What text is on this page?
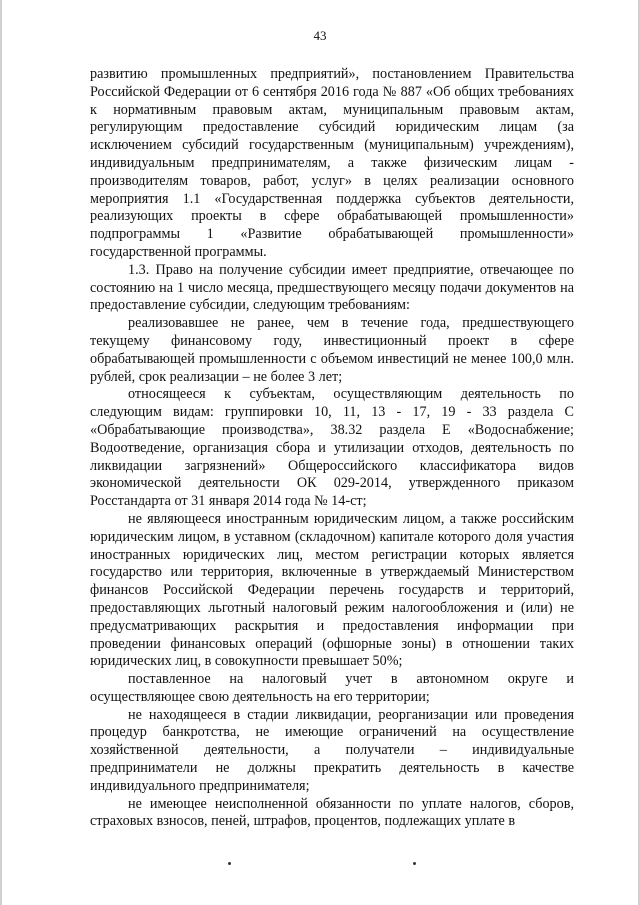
43

развитию промышленных предприятий», постановлением Правительства Российской Федерации от 6 сентября 2016 года № 887 «Об общих требованиях к нормативным правовым актам, муниципальным правовым актам, регулирующим предоставление субсидий юридическим лицам (за исключением субсидий государственным (муниципальным) учреждениям), индивидуальным предпринимателям, а также физическим лицам - производителям товаров, работ, услуг» в целях реализации основного мероприятия 1.1 «Государственная поддержка субъектов деятельности, реализующих проекты в сфере обрабатывающей промышленности» подпрограммы 1 «Развитие обрабатывающей промышленности» государственной программы.

1.3. Право на получение субсидии имеет предприятие, отвечающее по состоянию на 1 число месяца, предшествующего месяцу подачи документов на предоставление субсидии, следующим требованиям:

реализовавшее не ранее, чем в течение года, предшествующего текущему финансовому году, инвестиционный проект в сфере обрабатывающей промышленности с объемом инвестиций не менее 100,0 млн. рублей, срок реализации – не более 3 лет;

относящееся к субъектам, осуществляющим деятельность по следующим видам: группировки 10, 11, 13 - 17, 19 - 33 раздела С «Обрабатывающие производства», 38.32 раздела Е «Водоснабжение; Водоотведение, организация сбора и утилизации отходов, деятельность по ликвидации загрязнений» Общероссийского классификатора видов экономической деятельности ОК 029-2014, утвержденного приказом Росстандарта от 31 января 2014 года № 14-ст;

не являющееся иностранным юридическим лицом, а также российским юридическим лицом, в уставном (складочном) капитале которого доля участия иностранных юридических лиц, местом регистрации которых является государство или территория, включенные в утверждаемый Министерством финансов Российской Федерации перечень государств и территорий, предоставляющих льготный налоговый режим налогообложения и (или) не предусматривающих раскрытия и предоставления информации при проведении финансовых операций (офшорные зоны) в отношении таких юридических лиц, в совокупности превышает 50%;

поставленное на налоговый учет в автономном округе и осуществляющее свою деятельность на его территории;

не находящееся в стадии ликвидации, реорганизации или проведения процедур банкротства, не имеющие ограничений на осуществление хозяйственной деятельности, а получатели – индивидуальные предприниматели не должны прекратить деятельность в качестве индивидуального предпринимателя;

не имеющее неисполненной обязанности по уплате налогов, сборов, страховых взносов, пеней, штрафов, процентов, подлежащих уплате в
